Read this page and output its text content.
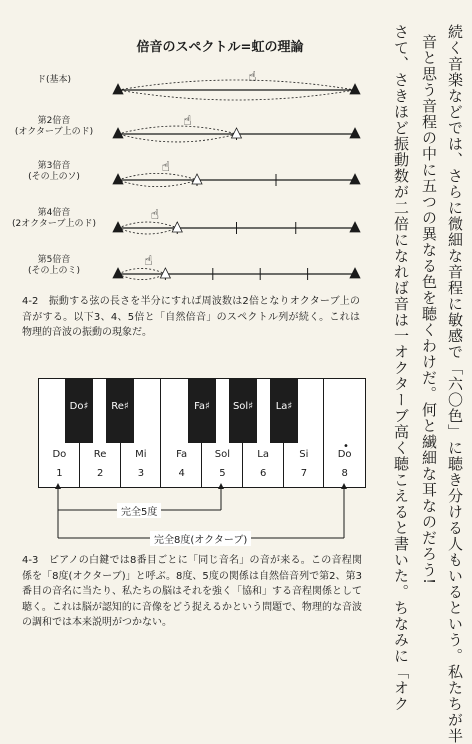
倍音のスペクトル=虹の理論
ド(基本)
第2倍音
(オクターブ上のド)
第3倍音
(その上のソ)
第4倍音
(2オクターブ上のド)
第5倍音
(その上のミ)
☝
☝
☝
☝
☝
4-2　振動する弦の長さを半分にすれば周波数は2倍となりオクターブ上の音がする。以下3、4、5倍と「自然倍音」のスペクトル列が続く。これは物理的音波の振動の現象だ。
Do♯	Re♯	Fa♯	Sol♯	La♯
Do	Re	Mi	Fa	Sol	La	Si	Do
•
1	2	3	4	5	6	7	8
完全5度
完全8度(オクターブ)
4-3　ピアノの白鍵では8番目ごとに「同じ音名」の音が来る。この音程関係を「8度(オクターブ)」と呼ぶ。8度、5度の関係は自然倍音列で第2、第3番目の音名に当たり、私たちの脳はそれを強く「協和」する音程関係として聴く。これは脳が認知的に音像をどう捉えるかという問題で、物理的な音波の調和では本来説明がつかない。	続く音楽などでは、さらに微細な音程に敏感で「六〇色」に聴き分ける人もいるという。私たちが半
音と思う音程の中に五つの異なる色を聴くわけだ。何と繊細な耳なのだろう!
さて、さきほど振動数が二倍になれば音は一オクターブ高く聴こえると書いた。ちなみに「オク
